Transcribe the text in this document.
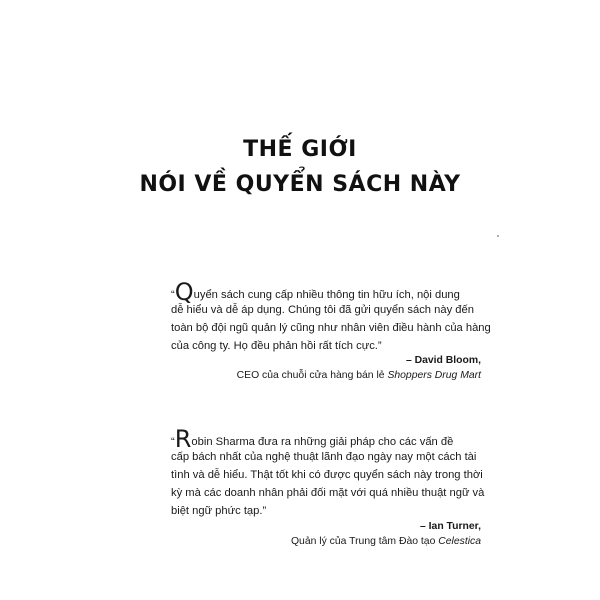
THẾ GIỚI
NÓI VỀ QUYỂN SÁCH NÀY
“Quyển sách cung cấp nhiều thông tin hữu ích, nội dung
dễ hiểu và dễ áp dụng. Chúng tôi đã gửi quyển sách này đến
toàn bộ đội ngũ quản lý cũng như nhân viên điều hành của hàng
của công ty. Họ đều phản hồi rất tích cực.”
– David Bloom,
CEO của chuỗi cửa hàng bán lẻ Shoppers Drug Mart
“Robin Sharma đưa ra những giải pháp cho các vấn đề
cấp bách nhất của nghệ thuật lãnh đạo ngày nay một cách tài
tình và dễ hiểu. Thật tốt khi có được quyển sách này trong thời
kỳ mà các doanh nhân phải đối mặt với quá nhiều thuật ngữ và
biệt ngữ phức tạp.”
– Ian Turner,
Quản lý của Trung tâm Đào tạo Celestica
